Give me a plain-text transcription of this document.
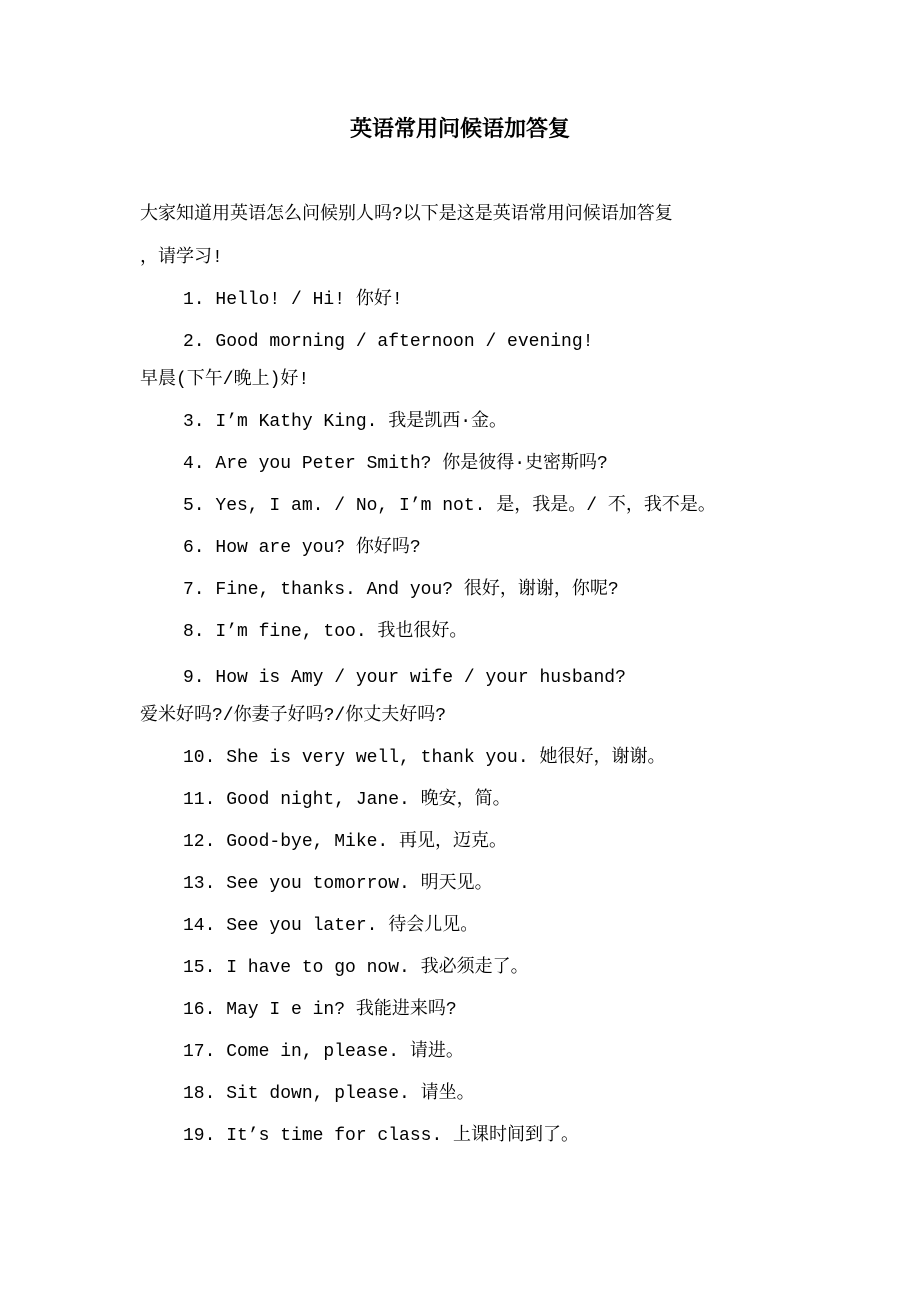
英语常用问候语加答复
大家知道用英语怎么问候别人吗?以下是这是英语常用问候语加答复
，请学习!
1. Hello! / Hi! 你好!
2. Good morning / afternoon / evening!
早晨(下午/晚上)好!
3. I’m Kathy King. 我是凯西·金。
4. Are you Peter Smith? 你是彼得·史密斯吗?
5. Yes, I am. / No, I’m not. 是，我是。/ 不，我不是。
6. How are you? 你好吗?
7. Fine, thanks. And you? 很好，谢谢，你呢?
8. I’m fine, too. 我也很好。
9. How is Amy / your wife / your husband?
爱米好吗?/你妻子好吗?/你丈夫好吗?
10. She is very well, thank you. 她很好，谢谢。
11. Good night, Jane. 晚安，简。
12. Good-bye, Mike. 再见，迈克。
13. See you tomorrow. 明天见。
14. See you later. 待会儿见。
15. I have to go now. 我必须走了。
16. May I e in? 我能进来吗?
17. Come in, please. 请进。
18. Sit down, please. 请坐。
19. It’s time for class. 上课时间到了。
